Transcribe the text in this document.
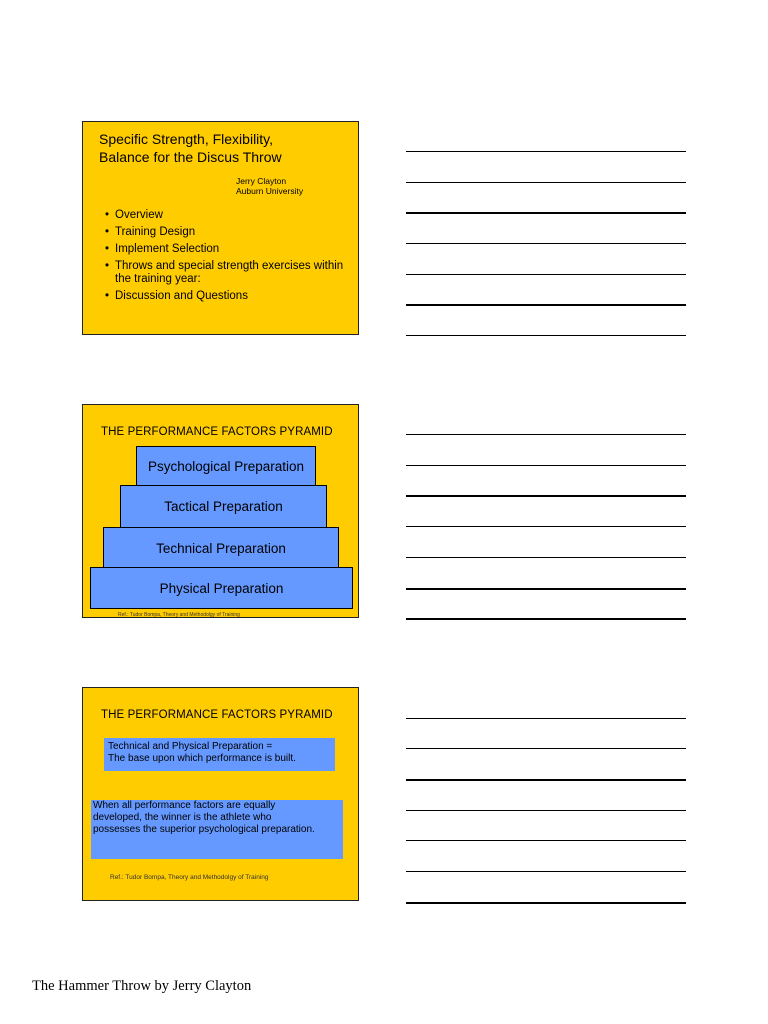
Specific Strength, Flexibility,
Balance for the Discus Throw
Jerry Clayton
Auburn University
• Overview
• Training Design
• Implement Selection
• Throws and special strength exercises within the training year:
• Discussion and Questions
THE PERFORMANCE FACTORS PYRAMID
Psychological Preparation
Tactical Preparation
Technical Preparation
Physical Preparation
Ref.: Tudor Bompa, Theory and Methodolgy of Training
THE PERFORMANCE FACTORS PYRAMID
Technical and Physical Preparation =
The base upon which performance is built.
When all performance factors are equally
developed, the winner is the athlete who
possesses the superior psychological preparation.
Ref.: Tudor Bompa, Theory and Methodolgy of Training
The Hammer Throw by Jerry Clayton
